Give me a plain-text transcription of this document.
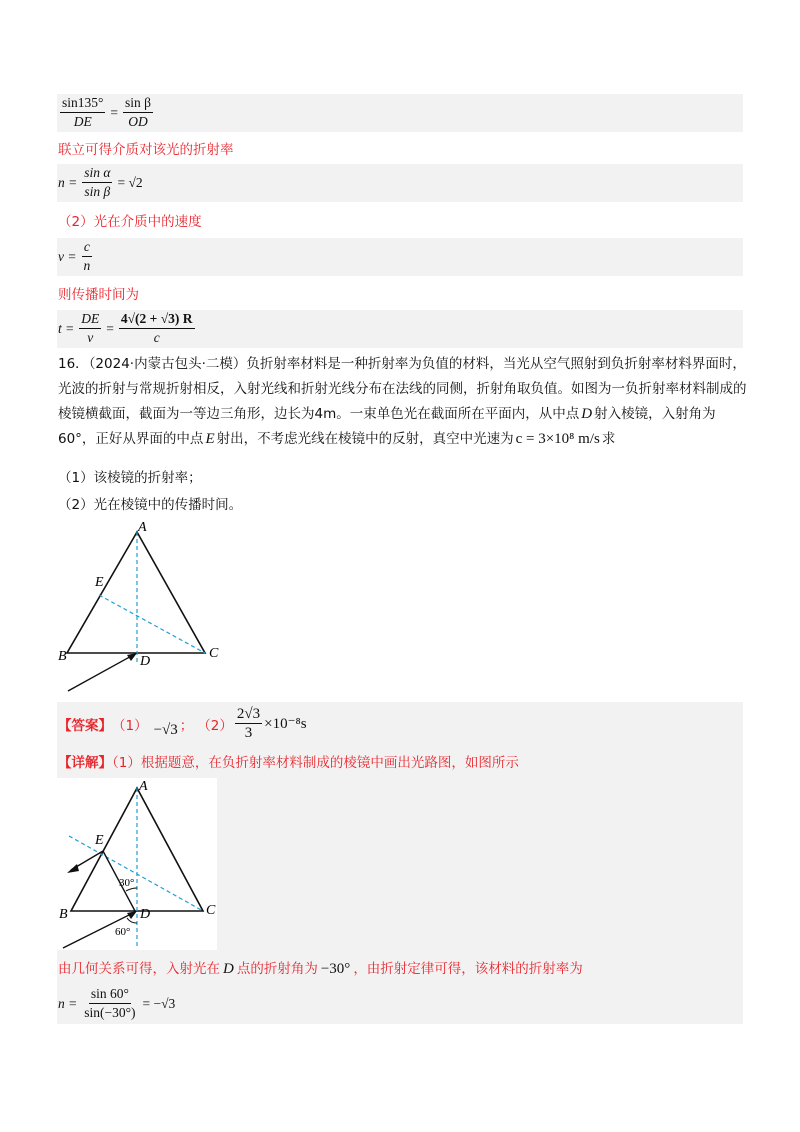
$\frac{\sin 135^\circ}{DE} = \frac{\text{sin β}}{OD}$
联立可得介质对该光的折射率
$n = \frac{\text{sin α}}{\text{sin β}} = √2$
（2）光在介质中的速度
$v = \frac{c}{n}$
则传播时间为
$t = \frac{DE}{v} = \frac{4√(2 + √3) R}{c}$
16．（2024·内蒙古包头·二模）负折射率材料是一种折射率为负值的材料，当光从空气照射到负折射率材料界面时，光波的折射与常规折射相反，入射光线和折射光线分布在法线的同侧，折射角取负值。如图为一负折射率材料制成的棱镜横截面，截面为一等边三角形，边长为4m。一束单色光在截面所在平面内，从中点 D 射入棱镜，入射角为60°，正好从界面的中点 E 射出，不考虑光线在棱镜中的反射，真空中光速为 c = 3×10⁸ m/s 求
（1）该棱镜的折射率；
（2）光在棱镜中的传播时间。
A
E
B	C
D
【答案】 （1） −√3 ； $(2) \frac{2√3}{3} \times 10^{-8}s$
【详解】（1）根据题意，在负折射率材料制成的棱镜中画出光路图，如图所示
A
E
B	C
D
30°
60°
由几何关系可得，入射光在 D 点的折射角为 −30° ，由折射定律可得，该材料的折射率为
$n = \frac{\sin 60^\circ}{\sin(-30^\circ)} = -√3$
